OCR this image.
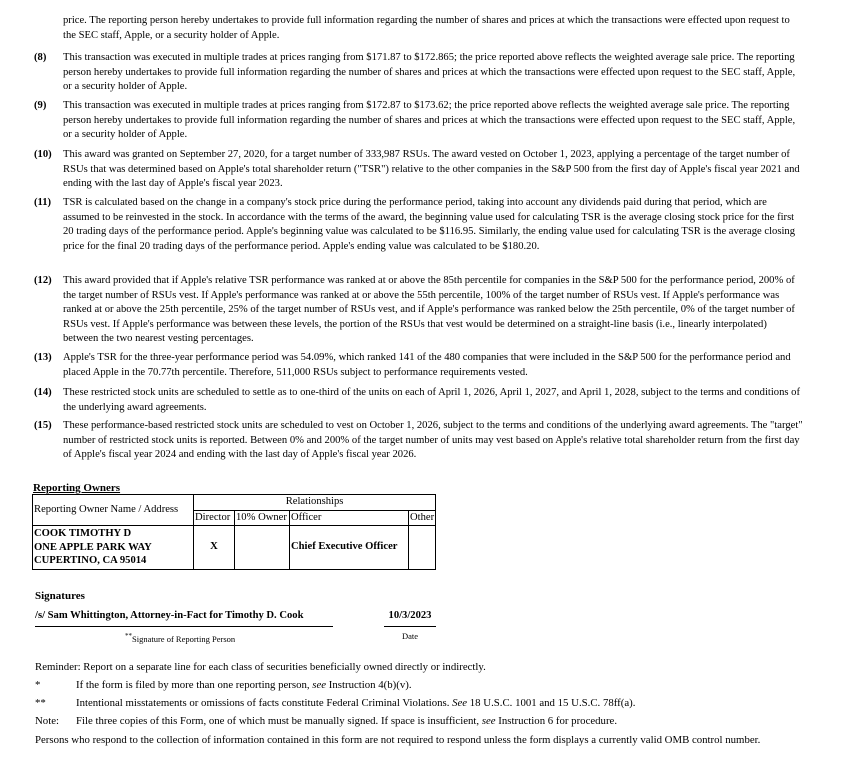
price. The reporting person hereby undertakes to provide full information regarding the number of shares and prices at which the transactions were effected upon request to the SEC staff, Apple, or a security holder of Apple.
(8)	This transaction was executed in multiple trades at prices ranging from $171.87 to $172.865; the price reported above reflects the weighted average sale price. The reporting person hereby undertakes to provide full information regarding the number of shares and prices at which the transactions were effected upon request to the SEC staff, Apple, or a security holder of Apple.
(9)	This transaction was executed in multiple trades at prices ranging from $172.87 to $173.62; the price reported above reflects the weighted average sale price. The reporting person hereby undertakes to provide full information regarding the number of shares and prices at which the transactions were effected upon request to the SEC staff, Apple, or a security holder of Apple.
(10)	This award was granted on September 27, 2020, for a target number of 333,987 RSUs. The award vested on October 1, 2023, applying a percentage of the target number of RSUs that was determined based on Apple's total shareholder return ("TSR") relative to the other companies in the S&P 500 from the first day of Apple's fiscal year 2021 and ending with the last day of Apple's fiscal year 2023.
(11)	TSR is calculated based on the change in a company's stock price during the performance period, taking into account any dividends paid during that period, which are assumed to be reinvested in the stock. In accordance with the terms of the award, the beginning value used for calculating TSR is the average closing stock price for the first 20 trading days of the performance period. Apple's beginning value was calculated to be $116.95. Similarly, the ending value used for calculating TSR is the average closing price for the final 20 trading days of the performance period. Apple's ending value was calculated to be $180.20.
(12)	This award provided that if Apple's relative TSR performance was ranked at or above the 85th percentile for companies in the S&P 500 for the performance period, 200% of the target number of RSUs vest. If Apple's performance was ranked at or above the 55th percentile, 100% of the target number of RSUs vest. If Apple's performance was ranked at or above the 25th percentile, 25% of the target number of RSUs vest, and if Apple's performance was ranked below the 25th percentile, 0% of the target number of RSUs vest. If Apple's performance was between these levels, the portion of the RSUs that vest would be determined on a straight-line basis (i.e., linearly interpolated) between the two nearest vesting percentages.
(13)	Apple's TSR for the three-year performance period was 54.09%, which ranked 141 of the 480 companies that were included in the S&P 500 for the performance period and placed Apple in the 70.77th percentile. Therefore, 511,000 RSUs subject to performance requirements vested.
(14)	These restricted stock units are scheduled to settle as to one-third of the units on each of April 1, 2026, April 1, 2027, and April 1, 2028, subject to the terms and conditions of the underlying award agreements.
(15)	These performance-based restricted stock units are scheduled to vest on October 1, 2026, subject to the terms and conditions of the underlying award agreements. The "target" number of restricted stock units is reported. Between 0% and 200% of the target number of units may vest based on Apple's relative total shareholder return from the first day of Apple's fiscal year 2024 and ending with the last day of Apple's fiscal year 2026.
Reporting Owners
Reporting Owner Name / Address	Relationships			
	Director	10% Owner	Officer	Other

COOK TIMOTHY D
ONE APPLE PARK WAY
CUPERTINO, CA 95014	X		Chief Executive Officer	
Signatures
/s/ Sam Whittington, Attorney-in-Fact for Timothy D. Cook	10/3/2023
**Signature of Reporting Person	Date
Reminder: Report on a separate line for each class of securities beneficially owned directly or indirectly.
*	If the form is filed by more than one reporting person, see Instruction 4(b)(v).
**	Intentional misstatements or omissions of facts constitute Federal Criminal Violations. See 18 U.S.C. 1001 and 15 U.S.C. 78ff(a).
Note: File three copies of this Form, one of which must be manually signed. If space is insufficient, see Instruction 6 for procedure.
Persons who respond to the collection of information contained in this form are not required to respond unless the form displays a currently valid OMB control number.
